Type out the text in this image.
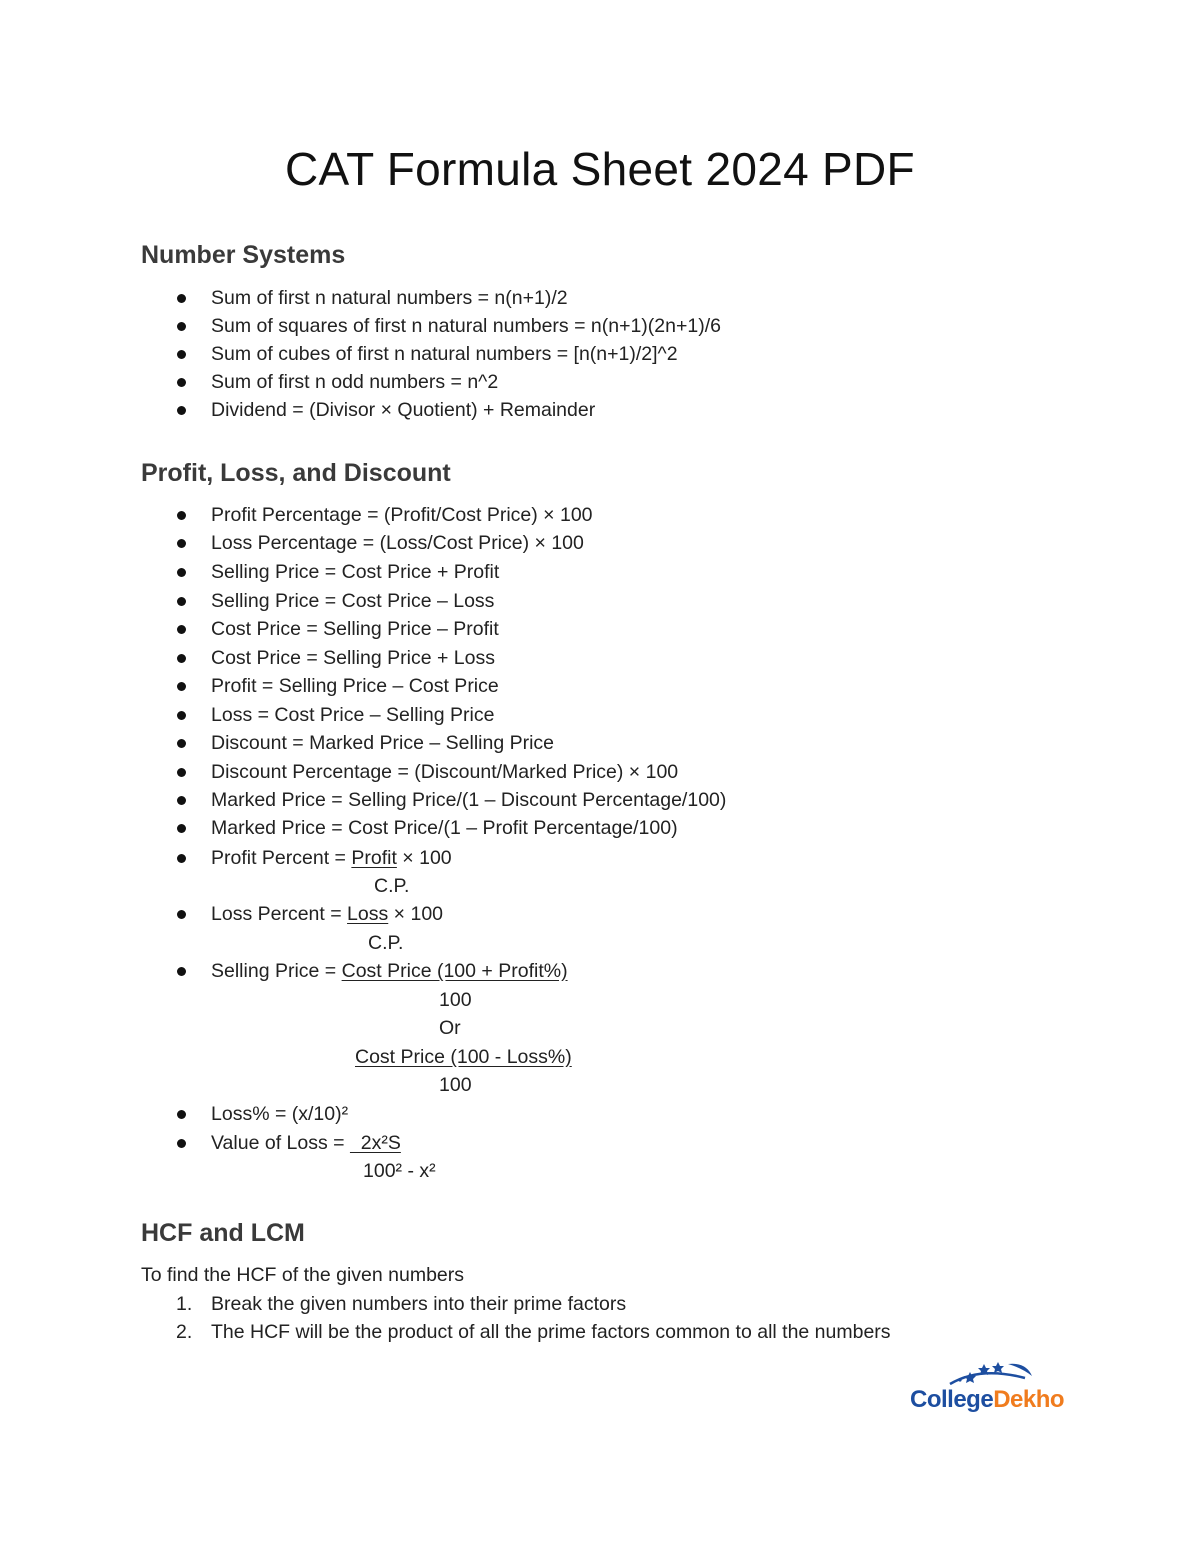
CAT Formula Sheet 2024 PDF
Number Systems
Sum of first n natural numbers = n(n+1)/2
Sum of squares of first n natural numbers = n(n+1)(2n+1)/6
Sum of cubes of first n natural numbers = [n(n+1)/2]^2
Sum of first n odd numbers = n^2
Dividend = (Divisor × Quotient) + Remainder
Profit, Loss, and Discount
Profit Percentage = (Profit/Cost Price) × 100
Loss Percentage = (Loss/Cost Price) × 100
Selling Price = Cost Price + Profit
Selling Price = Cost Price – Loss
Cost Price = Selling Price – Profit
Cost Price = Selling Price + Loss
Profit = Selling Price – Cost Price
Loss = Cost Price – Selling Price
Discount = Marked Price – Selling Price
Discount Percentage = (Discount/Marked Price) × 100
Marked Price = Selling Price/(1 – Discount Percentage/100)
Marked Price = Cost Price/(1 – Profit Percentage/100)
Profit Percent = Profit × 100
C.P.
Loss Percent = Loss × 100
C.P.
Selling Price = Cost Price (100 + Profit%)
100
Or
Cost Price (100 - Loss%)
100
Loss% = (x/10)²
Value of Loss =   2x²S
100² - x²
HCF and LCM
To find the HCF of the given numbers
1. Break the given numbers into their prime factors
2. The HCF will be the product of all the prime factors common to all the numbers
CollegeDekho
